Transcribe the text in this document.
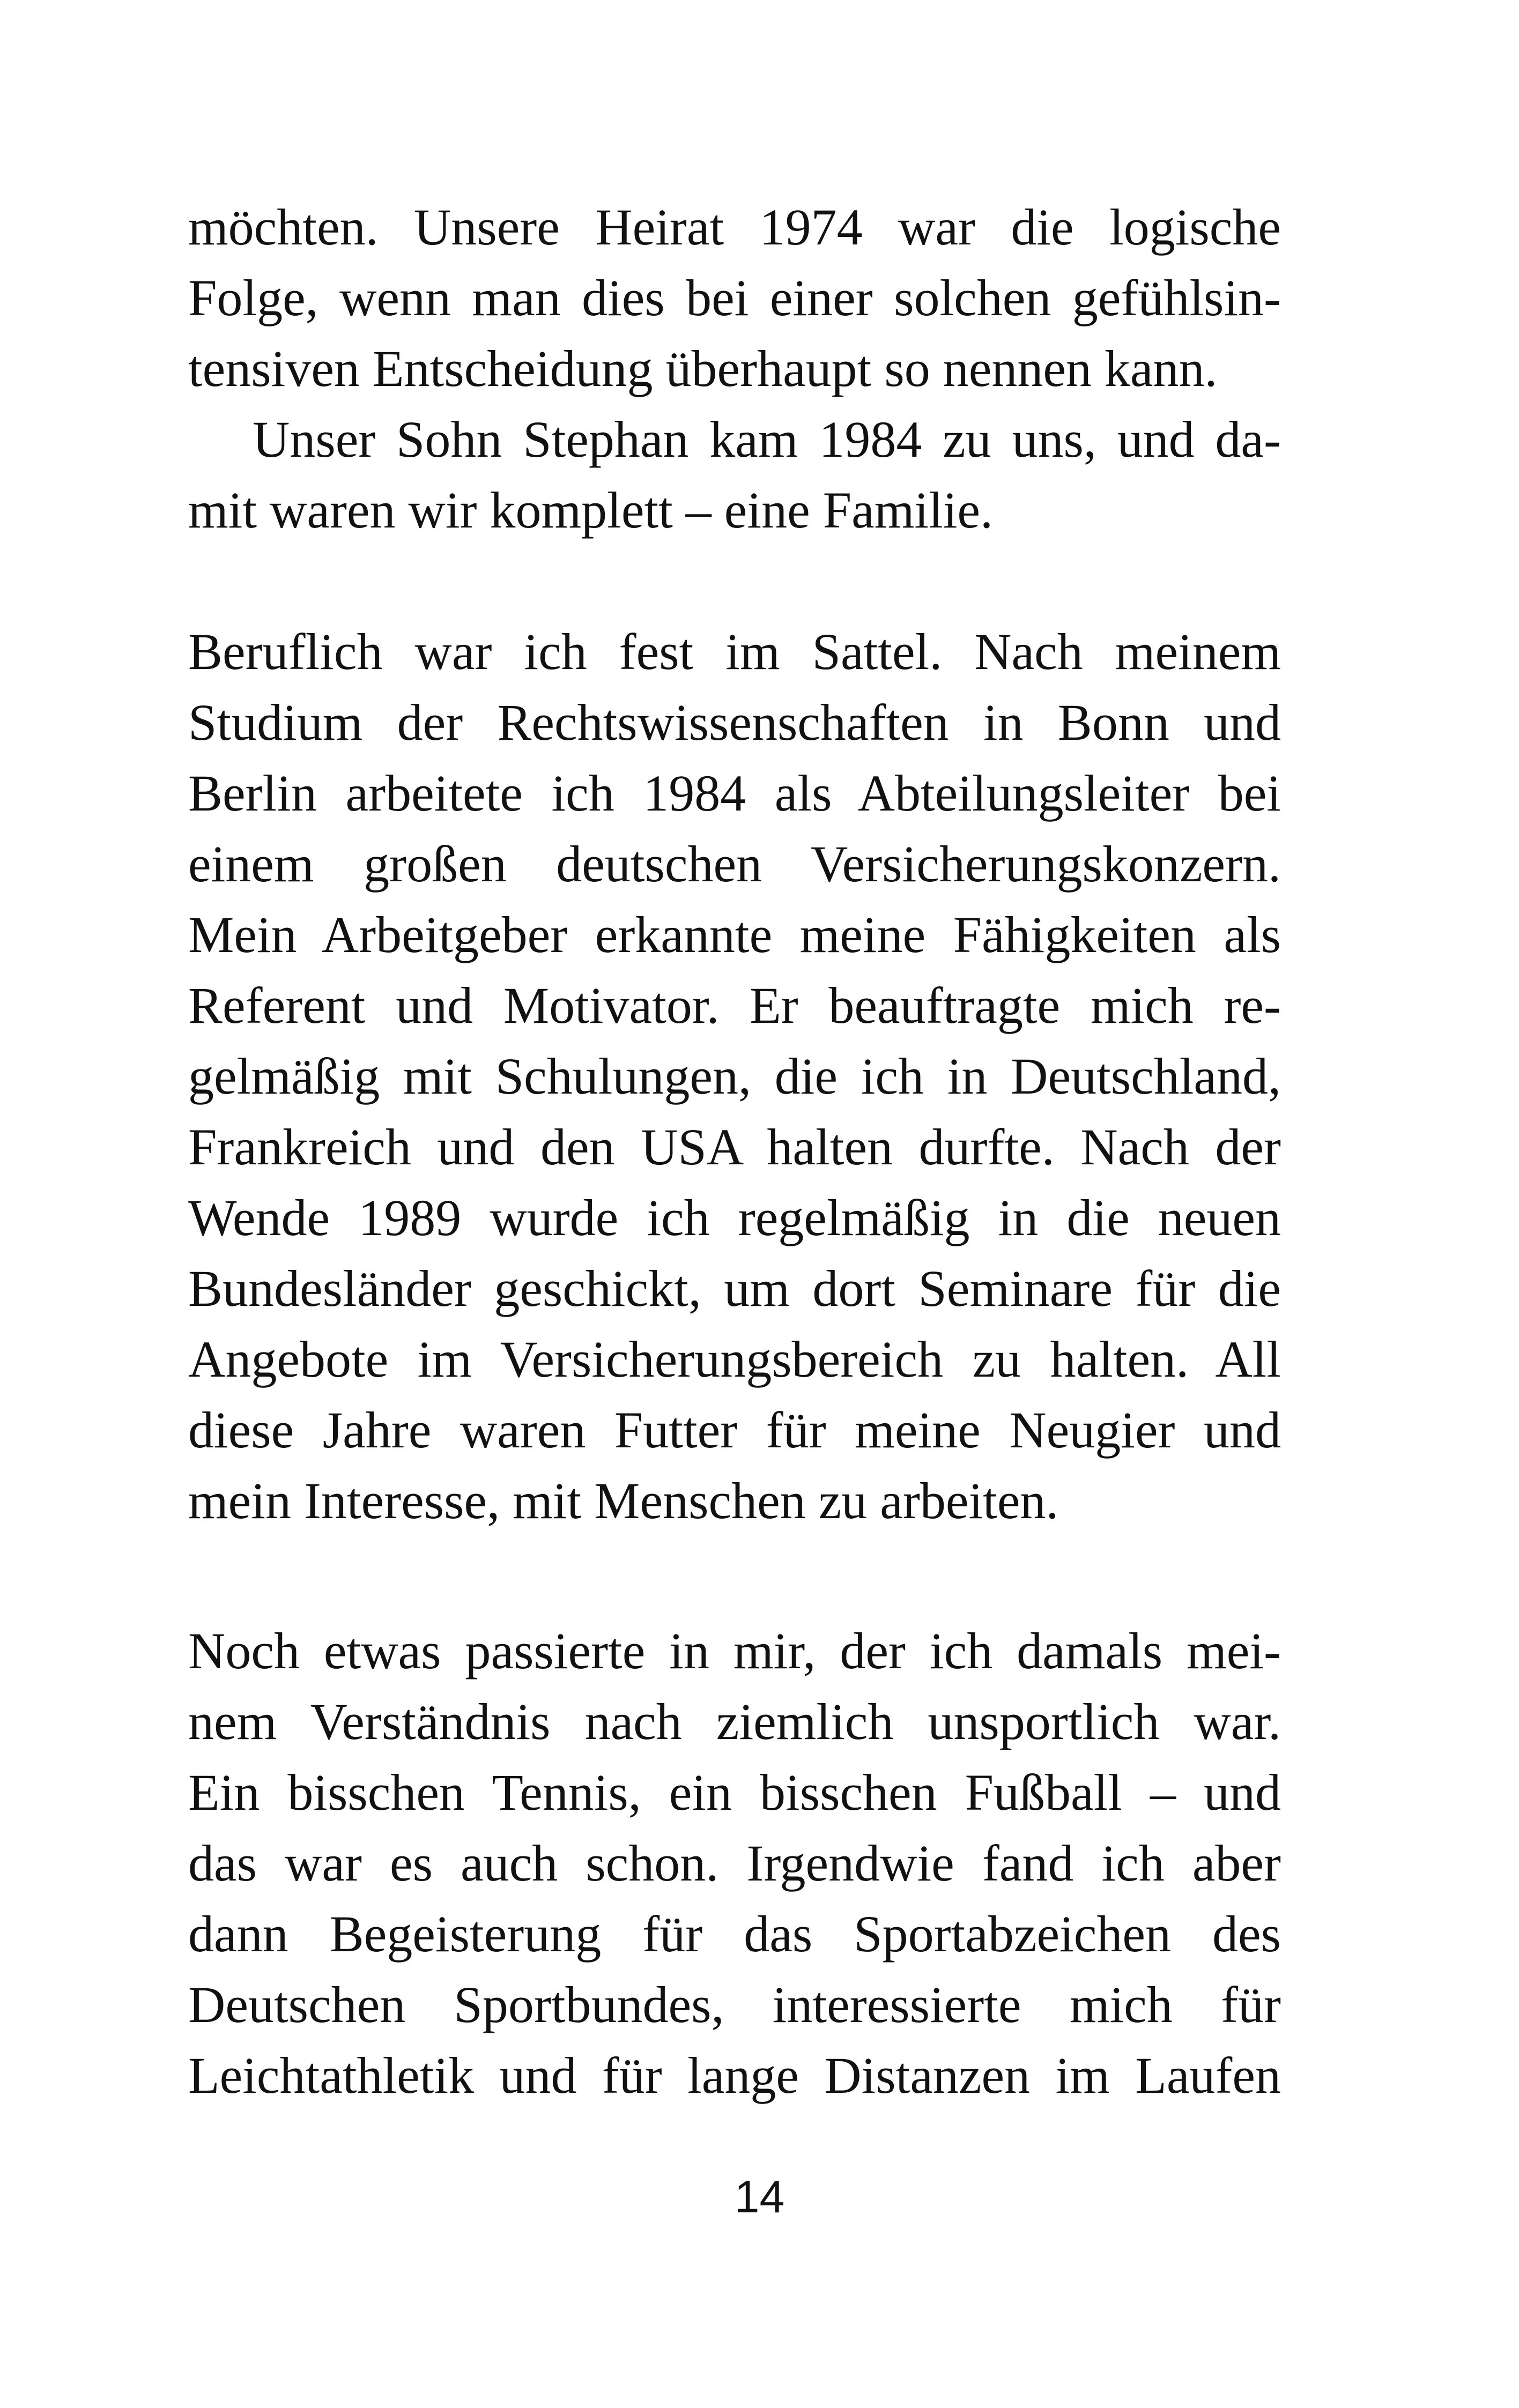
möchten. Unsere Heirat 1974 war die logische
Folge, wenn man dies bei einer solchen gefühlsin-
tensiven Entscheidung überhaupt so nennen kann.
Unser Sohn Stephan kam 1984 zu uns, und da-
mit waren wir komplett – eine Familie.
Beruflich war ich fest im Sattel. Nach meinem
Studium der Rechtswissenschaften in Bonn und
Berlin arbeitete ich 1984 als Abteilungsleiter bei
einem großen deutschen Versicherungskonzern.
Mein Arbeitgeber erkannte meine Fähigkeiten als
Referent und Motivator. Er beauftragte mich re-
gelmäßig mit Schulungen, die ich in Deutschland,
Frankreich und den USA halten durfte. Nach der
Wende 1989 wurde ich regelmäßig in die neuen
Bundesländer geschickt, um dort Seminare für die
Angebote im Versicherungsbereich zu halten. All
diese Jahre waren Futter für meine Neugier und
mein Interesse, mit Menschen zu arbeiten.
Noch etwas passierte in mir, der ich damals mei-
nem Verständnis nach ziemlich unsportlich war.
Ein bisschen Tennis, ein bisschen Fußball – und
das war es auch schon. Irgendwie fand ich aber
dann Begeisterung für das Sportabzeichen des
Deutschen Sportbundes, interessierte mich für
Leichtathletik und für lange Distanzen im Laufen
14
